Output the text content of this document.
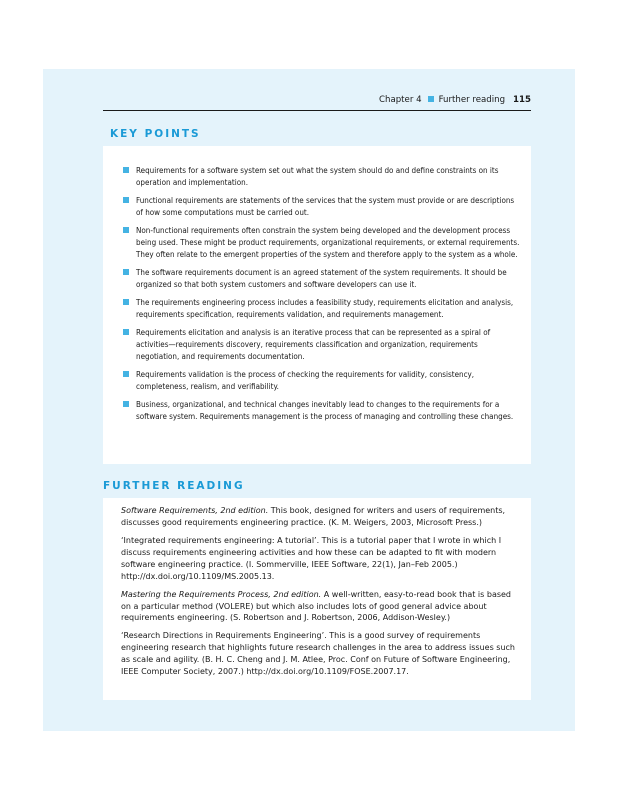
Chapter 4 Further reading 115
KEY POINTS
Requirements for a software system set out what the system should do and define constraints on its operation and implementation.
Functional requirements are statements of the services that the system must provide or are descriptions of how some computations must be carried out.
Non-functional requirements often constrain the system being developed and the development process being used. These might be product requirements, organizational requirements, or external requirements. They often relate to the emergent properties of the system and therefore apply to the system as a whole.
The software requirements document is an agreed statement of the system requirements. It should be organized so that both system customers and software developers can use it.
The requirements engineering process includes a feasibility study, requirements elicitation and analysis, requirements specification, requirements validation, and requirements management.
Requirements elicitation and analysis is an iterative process that can be represented as a spiral of activities—requirements discovery, requirements classification and organization, requirements negotiation, and requirements documentation.
Requirements validation is the process of checking the requirements for validity, consistency, completeness, realism, and verifiability.
Business, organizational, and technical changes inevitably lead to changes to the requirements for a software system. Requirements management is the process of managing and controlling these changes.
FURTHER READING

Software Requirements, 2nd edition. This book, designed for writers and users of requirements, discusses good requirements engineering practice. (K. M. Weigers, 2003, Microsoft Press.)

‘Integrated requirements engineering: A tutorial’. This is a tutorial paper that I wrote in which I discuss requirements engineering activities and how these can be adapted to fit with modern software engineering practice. (I. Sommerville, IEEE Software, 22(1), Jan–Feb 2005.) http://dx.doi.org/10.1109/MS.2005.13.

Mastering the Requirements Process, 2nd edition. A well-written, easy-to-read book that is based on a particular method (VOLERE) but which also includes lots of good general advice about requirements engineering. (S. Robertson and J. Robertson, 2006, Addison-Wesley.)

‘Research Directions in Requirements Engineering’. This is a good survey of requirements engineering research that highlights future research challenges in the area to address issues such as scale and agility. (B. H. C. Cheng and J. M. Atlee, Proc. Conf on Future of Software Engineering, IEEE Computer Society, 2007.) http://dx.doi.org/10.1109/FOSE.2007.17.
